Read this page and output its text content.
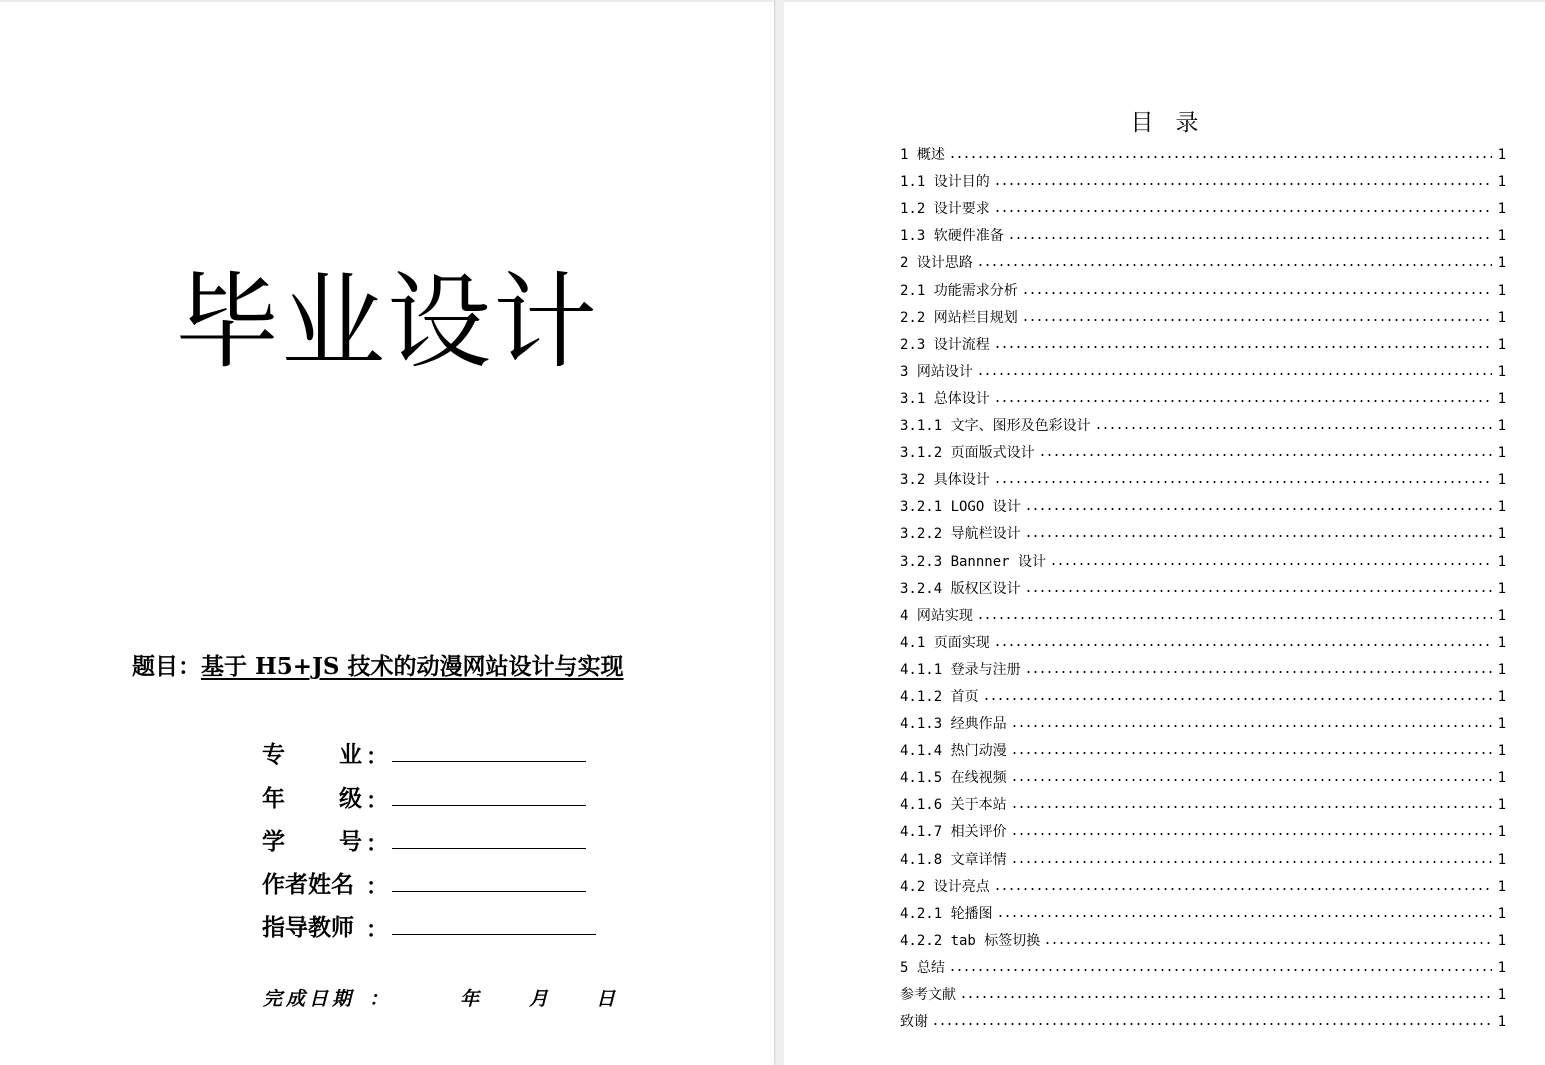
毕业设计
题目：基于 H5+JS 技术的动漫网站设计与实现
专 业 ：
年 级 ：
学 号 ：
作者姓名 ：
指导教师 ：
完成日期 ：	年	月	日
目录
1 概述	1
1.1 设计目的	1
1.2 设计要求	1
1.3 软硬件准备	1
2 设计思路	1
2.1 功能需求分析	1
2.2 网站栏目规划	1
2.3 设计流程	1
3 网站设计	1
3.1 总体设计	1
3.1.1 文字、图形及色彩设计	1
3.1.2 页面版式设计	1
3.2 具体设计	1
3.2.1 LOGO 设计	1
3.2.2 导航栏设计	1
3.2.3 Bannner 设计	1
3.2.4 版权区设计	1
4 网站实现	1
4.1 页面实现	1
4.1.1 登录与注册	1
4.1.2 首页	1
4.1.3 经典作品	1
4.1.4 热门动漫	1
4.1.5 在线视频	1
4.1.6 关于本站	1
4.1.7 相关评价	1
4.1.8 文章详情	1
4.2 设计亮点	1
4.2.1 轮播图	1
4.2.2 tab 标签切换	1
5 总结	1
参考文献	1
致谢	1
